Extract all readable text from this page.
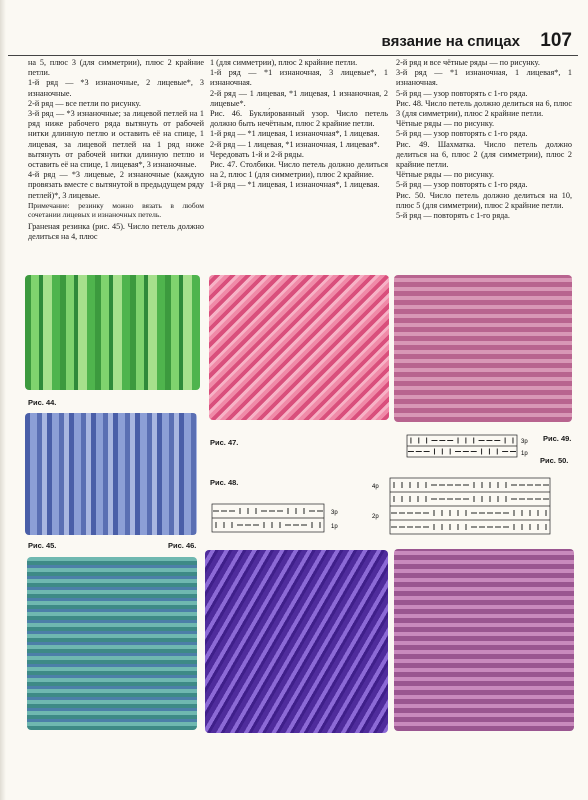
вязание на спицах 107

на 5, плюс 3 (для симметрии), плюс 2 крайние петли.

1-й ряд — *3 изнаночные, 2 лицевые*, 3 изнаночные.

2-й ряд — все петли по рисунку.

3-й ряд — *3 изнаночные; за лицевой петлей на 1 ряд ниже рабочего ряда вытянуть от рабочей нитки длинную петлю и оставить её на спице, 1 лицевая, за лицевой петлей на 1 ряд ниже вытянуть от рабочей нитки длинную петлю и оставить её на спице, 1 лицевая*, 3 изнаночные.

4-й ряд — *3 лицевые, 2 изнаночные (каждую провязать вместе с вытянутой в предыдущем ряду петлей)*, 3 лицевые.

Примечание: резинку можно вязать в любом сочетании лицевых и изнаночных петель.

Граненая резинка (рис. 45). Число петель должно делиться на 4, плюс

1 (для симметрии), плюс 2 крайние петли.

1-й ряд — *1 изнаночная, 3 лицевые*, 1 изнаночная.

2-й ряд — 1 лицевая, *1 лицевая, 1 изнаночная, 2 лицевые*.

Рис. 46. Букли́рованный узор. Число петель должно быть нечётным, плюс 2 крайние петли.

1-й ряд — *1 лицевая, 1 изнаночная*, 1 лицевая.

2-й ряд — 1 лицевая, *1 изнаночная, 1 лицевая*.

Чередовать 1-й и 2-й ряды.

Рис. 47. Столбики. Число петель должно делиться на 2, плюс 1 (для симметрии), плюс 2 крайние.

1-й ряд — *1 лицевая, 1 изнаночная*, 1 лицевая.

2-й ряд и все чётные ряды — по рисунку.

3-й ряд — *1 изнаночная, 1 лицевая*, 1 изнаночная.

5-й ряд — узор повторять с 1-го ряда.

Рис. 48. Число петель должно делиться на 6, плюс 3 (для симметрии), плюс 2 крайние петли.

Чётные ряды — по рисунку.

5-й ряд — узор повторять с 1-го ряда.

Рис. 49. Шахматка. Число петель должно делиться на 6, плюс 2 (для симметрии), плюс 2 крайние петли.

Чётные ряды — по рисунку.

5-й ряд — узор повторять с 1-го ряда.

Рис. 50. Число петель должно делиться на 10, плюс 5 (для симметрии), плюс 2 крайние петли.

5-й ряд — повторять с 1-го ряда.

Рис. 44.
Рис. 47.
Рис. 45.	Рис. 46.
Рис. 48.
3р
1р
3р
1р
Рис. 49.
Рис. 50.
4р
2р
